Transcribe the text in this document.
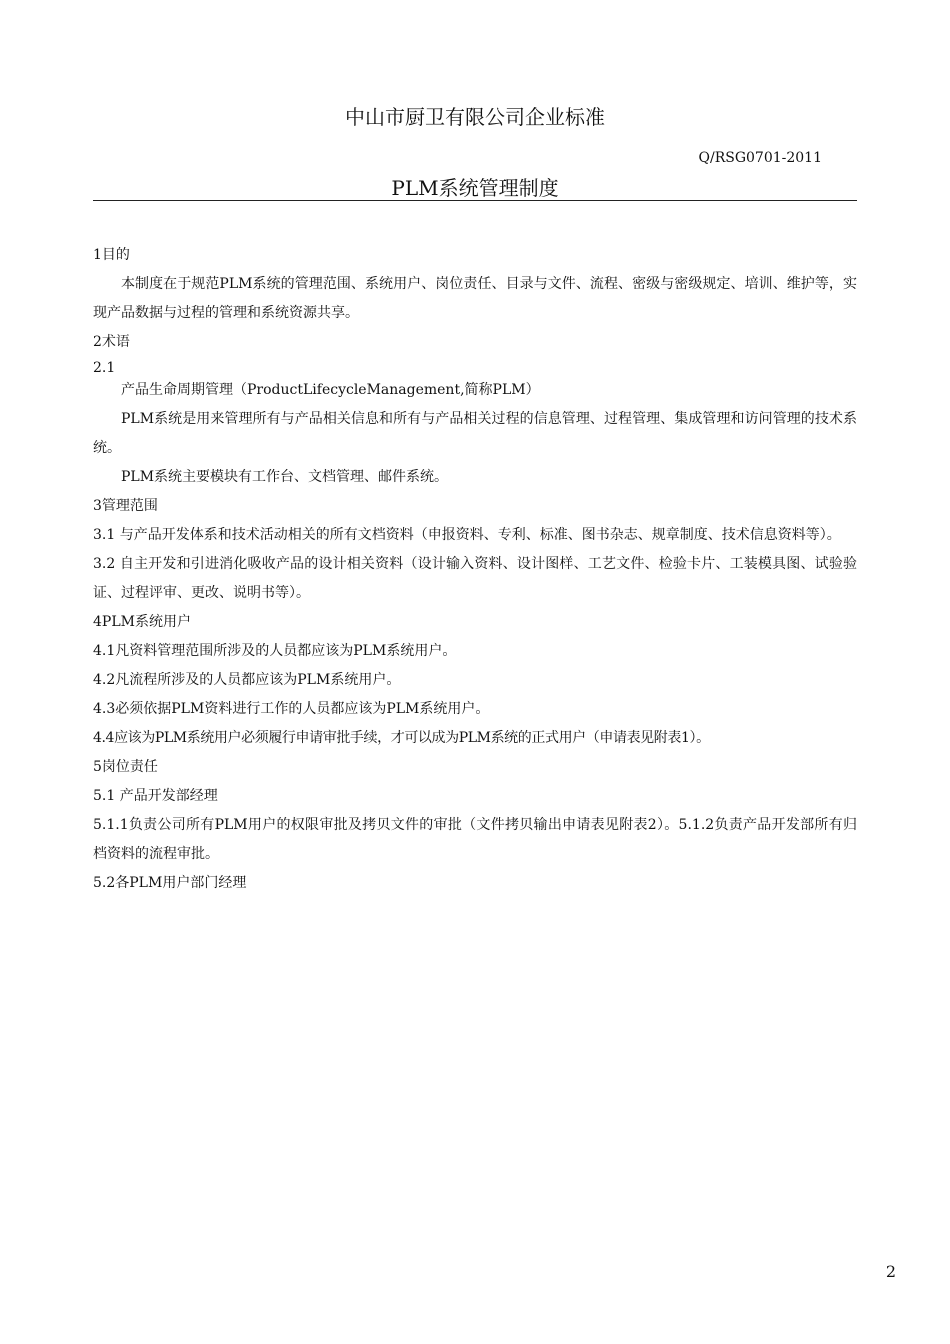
中山市厨卫有限公司企业标准
Q/RSG0701-2011
PLM系统管理制度

1目的

本制度在于规范PLM系统的管理范围、系统用户、岗位责任、目录与文件、流程、密级与密级规定、培训、维护等，实现产品数据与过程的管理和系统资源共享。

2术语

2.1

产品生命周期管理（ProductLifecycleManagement,简称PLM）

PLM系统是用来管理所有与产品相关信息和所有与产品相关过程的信息管理、过程管理、集成管理和访问管理的技术系统。

PLM系统主要模块有工作台、文档管理、邮件系统。

3管理范围

3.1 与产品开发体系和技术活动相关的所有文档资料（申报资料、专利、标准、图书杂志、规章制度、技术信息资料等）。

3.2 自主开发和引进消化吸收产品的设计相关资料（设计输入资料、设计图样、工艺文件、检验卡片、工装模具图、试验验证、过程评审、更改、说明书等）。

4PLM系统用户

4.1凡资料管理范围所涉及的人员都应该为PLM系统用户。

4.2凡流程所涉及的人员都应该为PLM系统用户。

4.3必须依据PLM资料进行工作的人员都应该为PLM系统用户。

4.4应该为PLM系统用户必须履行申请审批手续，才可以成为PLM系统的正式用户（申请表见附表1）。

5岗位责任

5.1 产品开发部经理

5.1.1负责公司所有PLM用户的权限审批及拷贝文件的审批（文件拷贝输出申请表见附表2）。5.1.2负责产品开发部所有归档资料的流程审批。

5.2各PLM用户部门经理

2
